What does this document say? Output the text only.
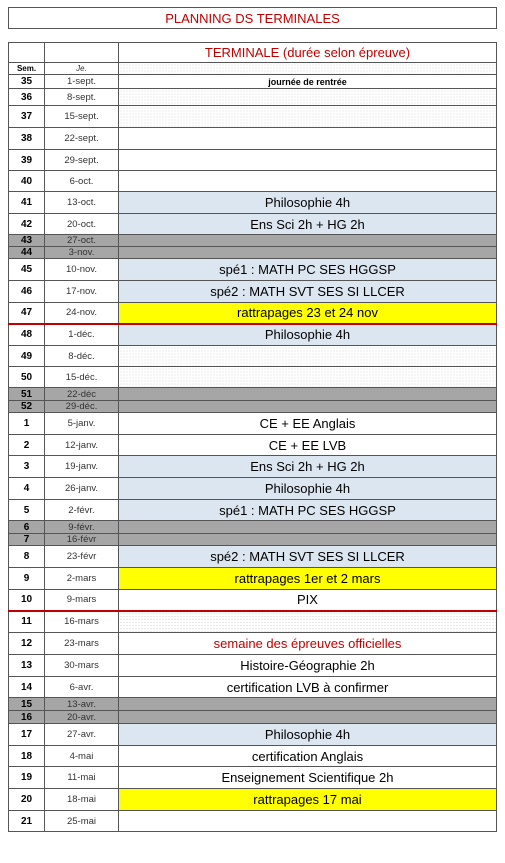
PLANNING DS TERMINALES
		TERMINALE (durée selon épreuve)
Sem.	Je.	
35	1-sept.	journée de rentrée
36	8-sept.	
37	15-sept.	
38	22-sept.	
39	29-sept.	
40	6-oct.	
41	13-oct.	Philosophie 4h
42	20-oct.	Ens Sci 2h + HG 2h
43	27-oct.	
44	3-nov.	
45	10-nov.	spé1 : MATH PC SES HGGSP
46	17-nov.	spé2 : MATH SVT SES SI LLCER
47	24-nov.	rattrapages 23 et 24 nov
48	1-déc.	Philosophie 4h
49	8-déc.	
50	15-déc.	
51	22-déc	
52	29-déc.	
1	5-janv.	CE + EE Anglais
2	12-janv.	CE + EE LVB
3	19-janv.	Ens Sci 2h + HG 2h
4	26-janv.	Philosophie 4h
5	2-févr.	spé1 : MATH PC SES HGGSP
6	9-févr.	
7	16-févr	
8	23-févr	spé2 : MATH SVT SES SI LLCER
9	2-mars	rattrapages 1er et 2 mars
10	9-mars	PIX
11	16-mars	
12	23-mars	semaine des épreuves officielles
13	30-mars	Histoire-Géographie 2h
14	6-avr.	certification LVB à confirmer
15	13-avr.	
16	20-avr.	
17	27-avr.	Philosophie 4h
18	4-mai	certification Anglais
19	11-mai	Enseignement Scientifique 2h
20	18-mai	rattrapages 17 mai
21	25-mai	
